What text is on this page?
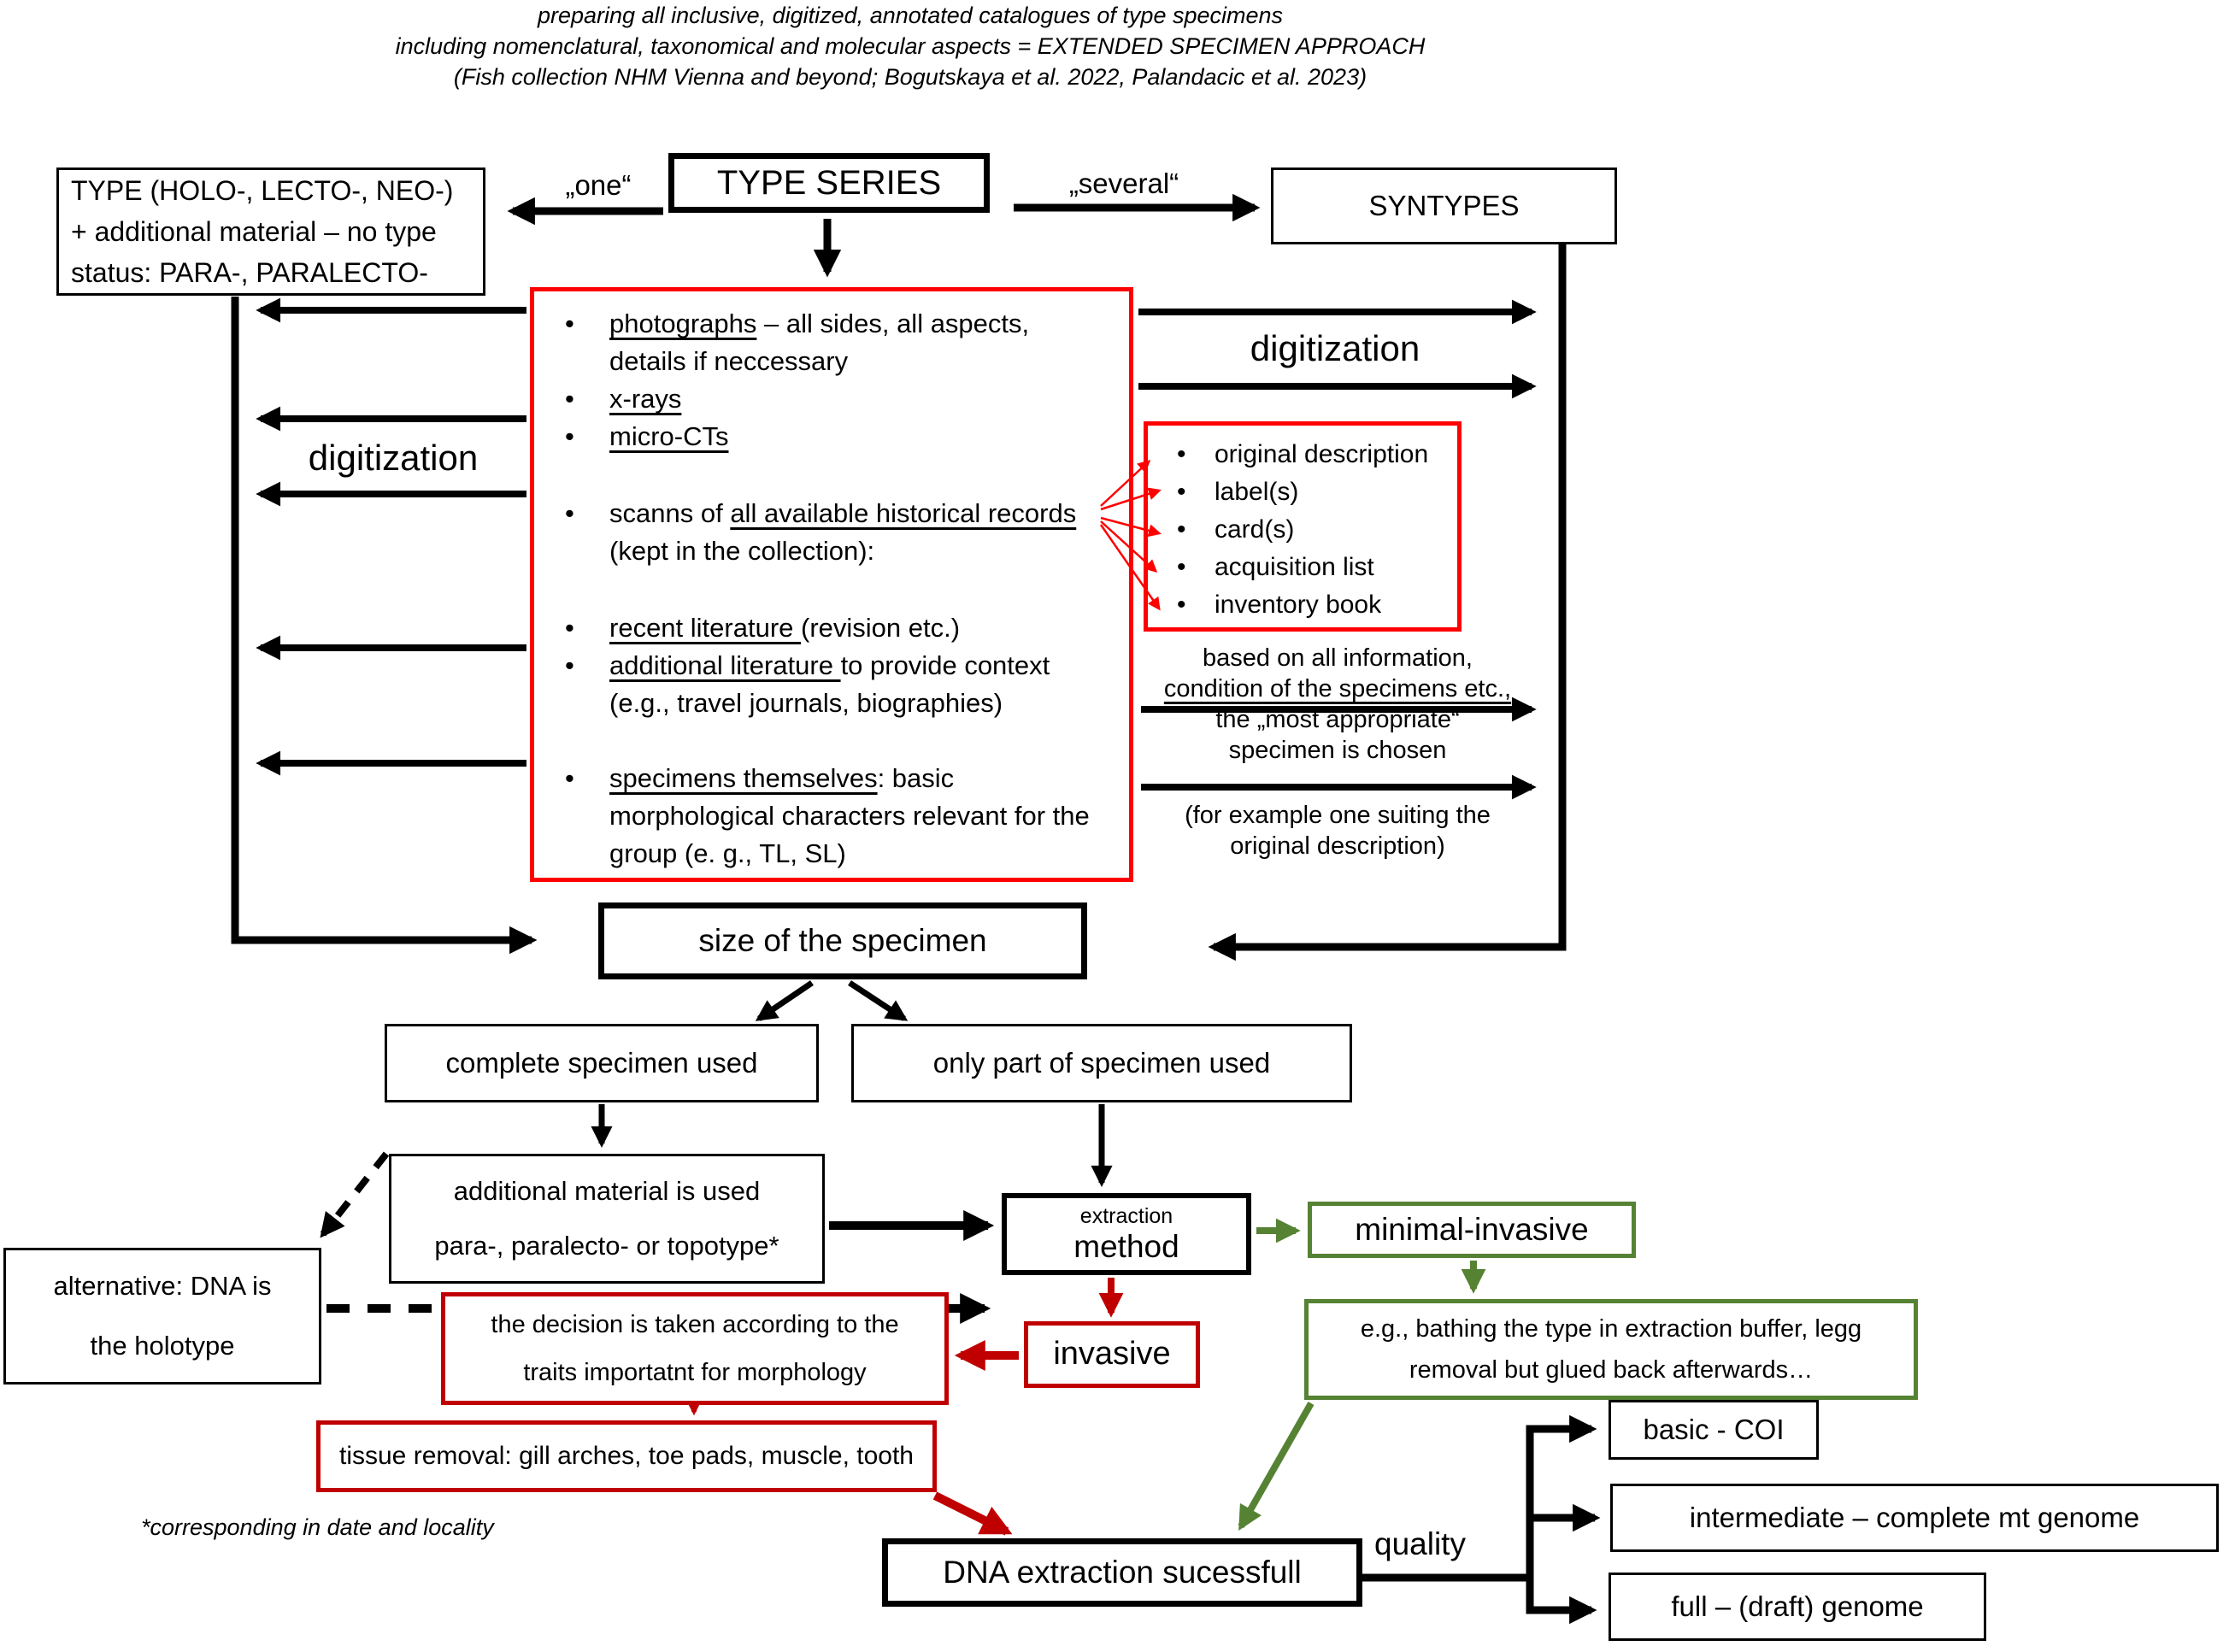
preparing all inclusive, digitized, annotated catalogues of type specimens
including nomenclatural, taxonomical and molecular aspects = EXTENDED SPECIMEN APPROACH
(Fish collection NHM Vienna and beyond; Bogutskaya et al. 2022, Palandacic et al. 2023)
TYPE (HOLO-, LECTO-, NEO-)
+ additional material – no type
status: PARA-, PARALECTO-
TYPE SERIES
SYNTYPES
„one“	„several“
• photographs – all sides, all aspects,
details if neccessary
• x-rays
• micro-CTs
• scanns of all available historical records
(kept in the collection):
• recent literature (revision etc.)
• additional literature to provide context
(e.g., travel journals, biographies)
• specimens themselves: basic
morphological characters relevant for the
group (e. g., TL, SL)
• original description
• label(s)
• card(s)
• acquisition list
• inventory book
digitization
digitization
based on all information,
condition of the specimens etc.,
the „most appropriate“
specimen is chosen
(for example one suiting the
original description)
size of the specimen
complete specimen used	only part of specimen used
additional material is used
para-, paralecto- or topotype*
alternative: DNA is
the holotype
extraction
method	minimal-invasive
invasive
the decision is taken according to the
traits importatnt for morphology
e.g., bathing the type in extraction buffer, legg
removal but glued back afterwards…
tissue removal: gill arches, toe pads, muscle, tooth
*corresponding in date and locality
DNA extraction sucessfull
quality
basic - COI
intermediate – complete mt genome
full – (draft) genome
